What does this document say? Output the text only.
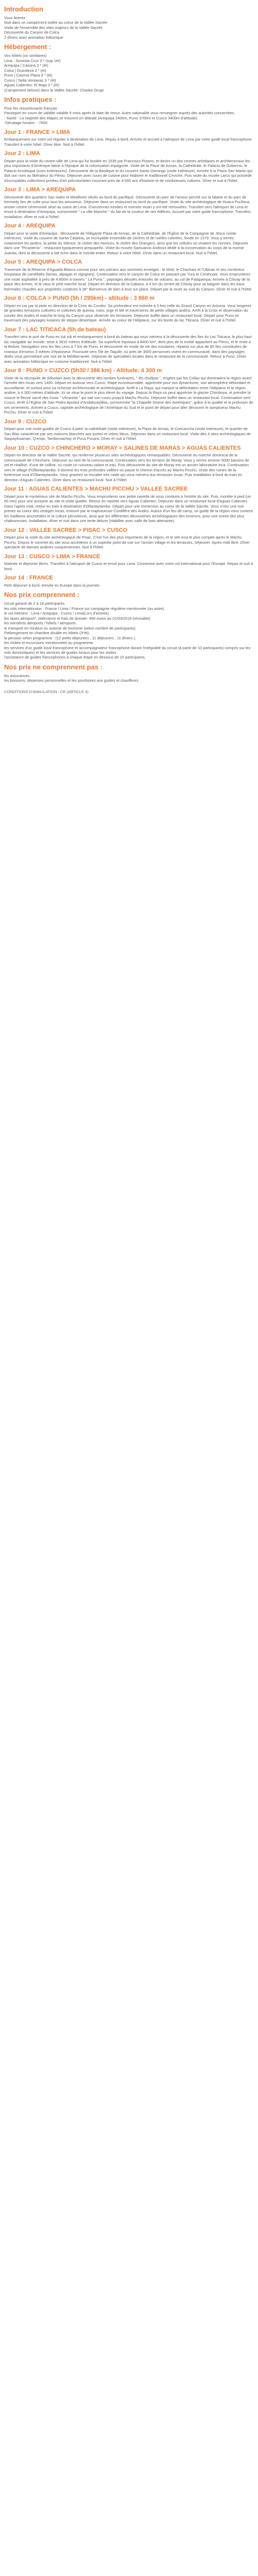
Introduction

Vous ânerez :

Nuit dans un campement isolée au coeur de la Vallée Sacrée

Visite de l'ensemble des sites majeurs de la Vallée Sacrée

Découverte du Canyon de Colca

2 dîners avec animation folklorique

Hébergement :

Vos hôtels (ou similaires)

Lima : Sonesta Cruz 3 * (sup 1ét)

Arequipa | Casona 3 * (ét)

Colca | Grandeza 3 * (ét)

Puno | Casona Plaza 3 * (ét)

Cusco | Sella Ventanas 3 * (ét)

Aguas Calientes: El Mapi 3 * (ét)

(Campement deluxe) dans la Vallée Sacrée: Chaska Ocupi

Infos pratiques :

Pour les ressortissants français :

Passeport en cours de validité valable 6 mois après la date de retour. Autre nationalité vous renseigner auprès des autorités concernées.

- Santé : La majorité des étapes se trouvent en altitude (Arequipa 2400m, Puno 3700m et Cusco 3400m d'altitude)

-Décalage horaire : -7h00

Jour 1 : FRANCE > LIMA

Embarquement sur votre vol régulier à destination de Lima. Repas à bord. Arrivée et accueil à l'aéroport de Lima par votre guide local francophone. Transfert à votre hôtel. Dîner libre. Nuit à l'hôtel.

Jour 2 : LIMA

Départ pour la visite du centre-ville de Lima qui fut fondée en 1535 par Francisco Pizarro, et devint un des centres artistiques et architecturaux les plus importants d'Amérique latine à l'époque de la colonisation espagnole. Visite de la Place de Armas, la Cathédrale, le Palacio de Gobierno, le Palacio Arzobispal (vues extérieures). Découverte de la Basilique et du couvent Santo Domingo (visite intérieure). Arrivée à la Plaza San Martin qui doit son nom au libérateur du Pérou. Déjeuner avec cours de cuisine pour élaborer le traditionnel Ceviche. Puis visite du musée Larco qui possède d'incroyables collections privées d'art précolombien couvrant près de 4 000 ans d'histoire et de nombreuses cultures. Dîner et nuit à l'hôtel.

Jour 3 : LIMA > AREQUIPA

Découverte des quartiers San Isidro et Miraflores situés au bord du pacifique. Découverte du parc de l'amour perché sur la falaise et du parc de Kennedy lieu de culte pour tous les amoureux. Déjeuner dans un restaurant au bord du pacifique. Visite du site archéologique de Huaca Pucllana, ancien centre cérémoniel situé au coeur de Lima. D'anciennes tombes et momies Huari y ont été retrouvées. Transfert vers l'aéroport de Lima et envol à destination d'Arequipa, surnommée " La ville blanche " du fait de la couleur de ses édifices. Accueil par votre guide francophone. Transfert, installation, dîner et nuit à l'hôtel.

Jour 4 : AREQUIPA

Départ pour la visite d'Arequipa : découverte de l'élégante Plaza de Armas, de la Cathédrale, de l'Église de la Compagnie de Jésus (visite intérieure). Visite du couvent de Santa Catalina, un incroyable ensemble de cloîtres et de ruelles colorées, fondé en 1579. Vous y verrez notamment les jardins, la petite du Silence, le cloître des Novices, le cloître des Orangers, ainsi que les cellules où vivaient les nonnes. Déjeuner dans une "Picantería" : restaurant typiquement arequipeño. Visite du musée Santuarios Andinos dédié à la conservation du corps de la momie Juanita, dont la découverte a fait écho dans le monde entier. Retour à votre hôtel. Dîner dans un restaurant local. Nuit à l'hôtel.

Jour 5 : AREQUIPA > COLCA

Traversée de la Réserve d'Aguada Blanca connue pour ses volcans aux sommets enneigés : le Misti, le Chachani et l'Ubinas et ses nombreux troupeaux de camélidés (lamas, alpagas et vigognes). Continuation vers le canyon de Colca en passant par Yura et Cerahuasi. Vous emprunterez une route asphaltée à près de 4 800m à travers " La Puna ", paysages désolés entourés de volcans, au col de Patapampa. Arrivée à Chivay de la place des Armes, et le vaux le petit marché local. Départ en direction de la Cabana, à 4 km du centre de Chivay pour se baigner dans les eaux thermales chaudes aux propriétés curatives à 38° Bienvenus de bien à tous sur place. Départ par la route au sud du Canyon. Dîner et nuit à l'hôtel.

Jour 6 : COLCA > PUNO (5h / 295km) - altitude : 3 860 m

Départ en car par la piste en direction de la Croix du Condor. Sa profondeur est estimée à 3 fois celle du Grand Canyon en Arizona. Vous longerez de grandes terrasses cultivées et cultivées de quinoa, maïs, orge et blé et traverserez de petits villages andins. Arrêt à la Croix et observation du condor des Andes et marche le long du Canyon pour observer les terrasses. Déjeuner buffet dans un restaurant local. Départ pour Puno en traversant des paysages lunaires de steppe désertique. Arrivée au coeur de l'Altiplano, sur les bords du lac Titicaca. Dîner et nuit à l'hôtel.

Jour 7 : LAC TITICACA (5h de bateau)

Transfert vers le port de Puno en tuk tuk et embarquement à bord du bateau qui vous mènera à la découverte des îles du Lac Titicaca, le plus haut lac navigable au monde, situé à 3810 mètres d'altitude. Sa superficie équivaut à 8400 km², dont plus de la moitié appartient au Pérou, et le reste à la Bolivie. Navigation vers les îles Uros à 7 km de Puno, et découverte du mode de vie des insulaires, répartis sur plus de 60 îles constituées de roseaux d'environ 3 mètres d'épaisseur. Poursuite vers l'île de Taquile, où près de 3000 personnes vivent en communauté, dans des paysages dotés vous permettant une vue de la Méditerranée. Déjeuner de spécialités locales dans le restaurant de la communauté. Retour à Puno. Dîner avec animation folklorique en costume traditionnel. Nuit à l'hôtel.

Jour 8 : PUNO > CUZCO (5h30 / 386 km) - Altitude: 4 300 m

Visite de la nécropole de Sillustani avec la découverte des tombes funéraires, " les chullpas ", érigées par les Collas qui dominaient la région avant l'arrivée des Incas vers 1400. Départ en autocar vers Cusco, étape incontournable, appréciée pour son dynamisme, son atmosphère débordant et accueillante, et surtout pour sa richesse architecturale et archéologique. Arrêt à La Raya, qui marque la délimitation entre l'Altiplano et la région andine, à 4 300 mètres d'altitude. Ici se situe le point le plus élevé du voyage. Depuis la Raya on peut apprécier le glacier Chimboya, et prendre la source le fleuve sacré des Incas " Vilcanota " qui sait son cours jusqu'à Machu Picchu. Déjeuner buffet dans un restaurant local. Continuation vers Cusco. Arrêt à l'Eglise de San Pedro Apostol d'Andahuaylillas, surnommée "la Chapelle Sixtine des Amériques", grâce à la qualité et la profusion de ses ornements. Arrivée à Cusco, capitale archéologique de l'Amérique du Sud et le point de départ pour aller découvrir le somptueux Machu Picchu. Dîner et nuit à l'hôtel.

Jour 9 : CUZCO

Départ pour une visite guidée de Cusco à pied: la cathédrale (visite intérieure), la Plaza de Armas, le Coricancha (visite intérieure), le quartier de San Blas caractérisé par ses maisons blanches aux portes et volets bleus. Déjeuner dans un restaurant local. Visite des 4 sites archéologiques de Saqsayhuaman, Q'enqo, Tambomachay et Puca Pucara. Dîner et nuit à l'hôtel.

Jour 10 : CUZCO > CHINCHERO > MORAY > SALINES DE MARAS > AGUAS CALIENTES

Départ en direction de la Vallée Sacrée, qui renferme plusieurs sites archéologiques remarquables. Découverte du marché dominical de la communauté de Chinchero. Déjeuner au sein de la communauté. Continuation vers les terrains de Moray. Vous y verrez environ 5000 bassins de sel et nitallisé, d'une de colline, où coule un ruisseau salant et eau. Puis découverte du site de Moray est un ancien laboratoire inca. Continuation vers le village d'Ollantaytambo. Il domine les trois profondes vallées où passe le chemin d'accès au Machu Picchu. Visite des ruines de la forteresse inca d'Ollantaytambo. Vous gravirez un escalier très raide qui vous mènera aux terrasses Incas. Puis installation à bord du train en direction d'Aguas Calientes. Dîner dans un restaurant local. Nuit à l'hôtel.

Jour 11 : AGUAS CALIENTES > MACHU PICCHU > VALLEE SACREE

Départ pour le mystérieux site de Machu Picchu. Vous emprunterez une petite navette de vous conduira à l'entrée du site. Puis, montée à pied (un 60 min) pour une avoisine au site et visite guidée. Retour en navette vers Aguas Calientes. Déjeuner dans un restaurant local d'Aguas Calientes. Dans l'après midi, retour en train à destination d'Ollantaytambo. Départ pour une immersion au coeur de la Vallée Sacrée. Vous n'irez une nuit prenez au coeur des vestiges Incas, entouré par la majestueuse Cordillère des Andes. Autour d'un feu de camp, un guide de la région vous contera les traditions ancestrales et la culture péruvienne, ainsi que les différentes découvertes archéologiques des environs, pour une soirée des plus chaleureuses. Installation, dîner et nuit dans une tente deluxe (Habillée avec salle de bain attenante).

Jour 12 : VALLEE SACREE > PISAC > CUSCO

Départ pour la visite du site archéologique de Pisac. C'est l'un des plus importants de la région, et le site inca le plus complet après le Machu Picchu. Depuis le sommet du site vous accéderez à un superbe point de vue sur l'ancien village et les terrasses. Déjeuner. Après-midi libre. Dîner spectacle de danses andines cusqueniennes. Nuit à l'hôtel.

Jour 13 : CUSCO > LIMA > FRANCE

Matinée et déjeuner libres. Transfert à l'aéroport de Cusco et envol pour Lima. Connexion avec votre vol international pour l'Europe. Repas et nuit à bord.

Jour 14 : FRANCE

Petit déjeuner à bord. Arrivée en Europe dans la journée.

Nos prix comprennent :

circuit garanti de 2 à 18 participants.

les vols internationaux : France / Lima / France sur compagnie régulière mentionnée (ou autre).

le vol intérieur : Lima / Arequipa - Cuzco / Lima(Lors d'arrivée).

les taxes aéroport*, redevance et frais de dossier: 490 euros au 01/03/2019 (révisable)

les transferts aéroports / hôtels / aéroports.

le transport en minibus ou autocar de tourisme (selon nombre de participants).

l'hébergement en chambre double en hôtels (3*ét).

la pension selon programme : (12 petits déjeuners , 11 déjeuners , 11 dîners ).

les visites et excursions mentionnées au programme.

les services d'un guide local francophone et accompagnateur francophone durant l'intégralité du circuit (à partir de 10 participants) compris sur les vols domestiques) et les services de guides locaux pour les visites.

l'assistance de guides francophones à chaque étape en dessous de 10 participants.

Nos prix ne comprennent pas :

les assurances.

les boissons, dépenses personnelles et les pourboires aux guides et chauffeurs.

CONDITIONS D'ANNULATION : CR (ARTICLE 4)
